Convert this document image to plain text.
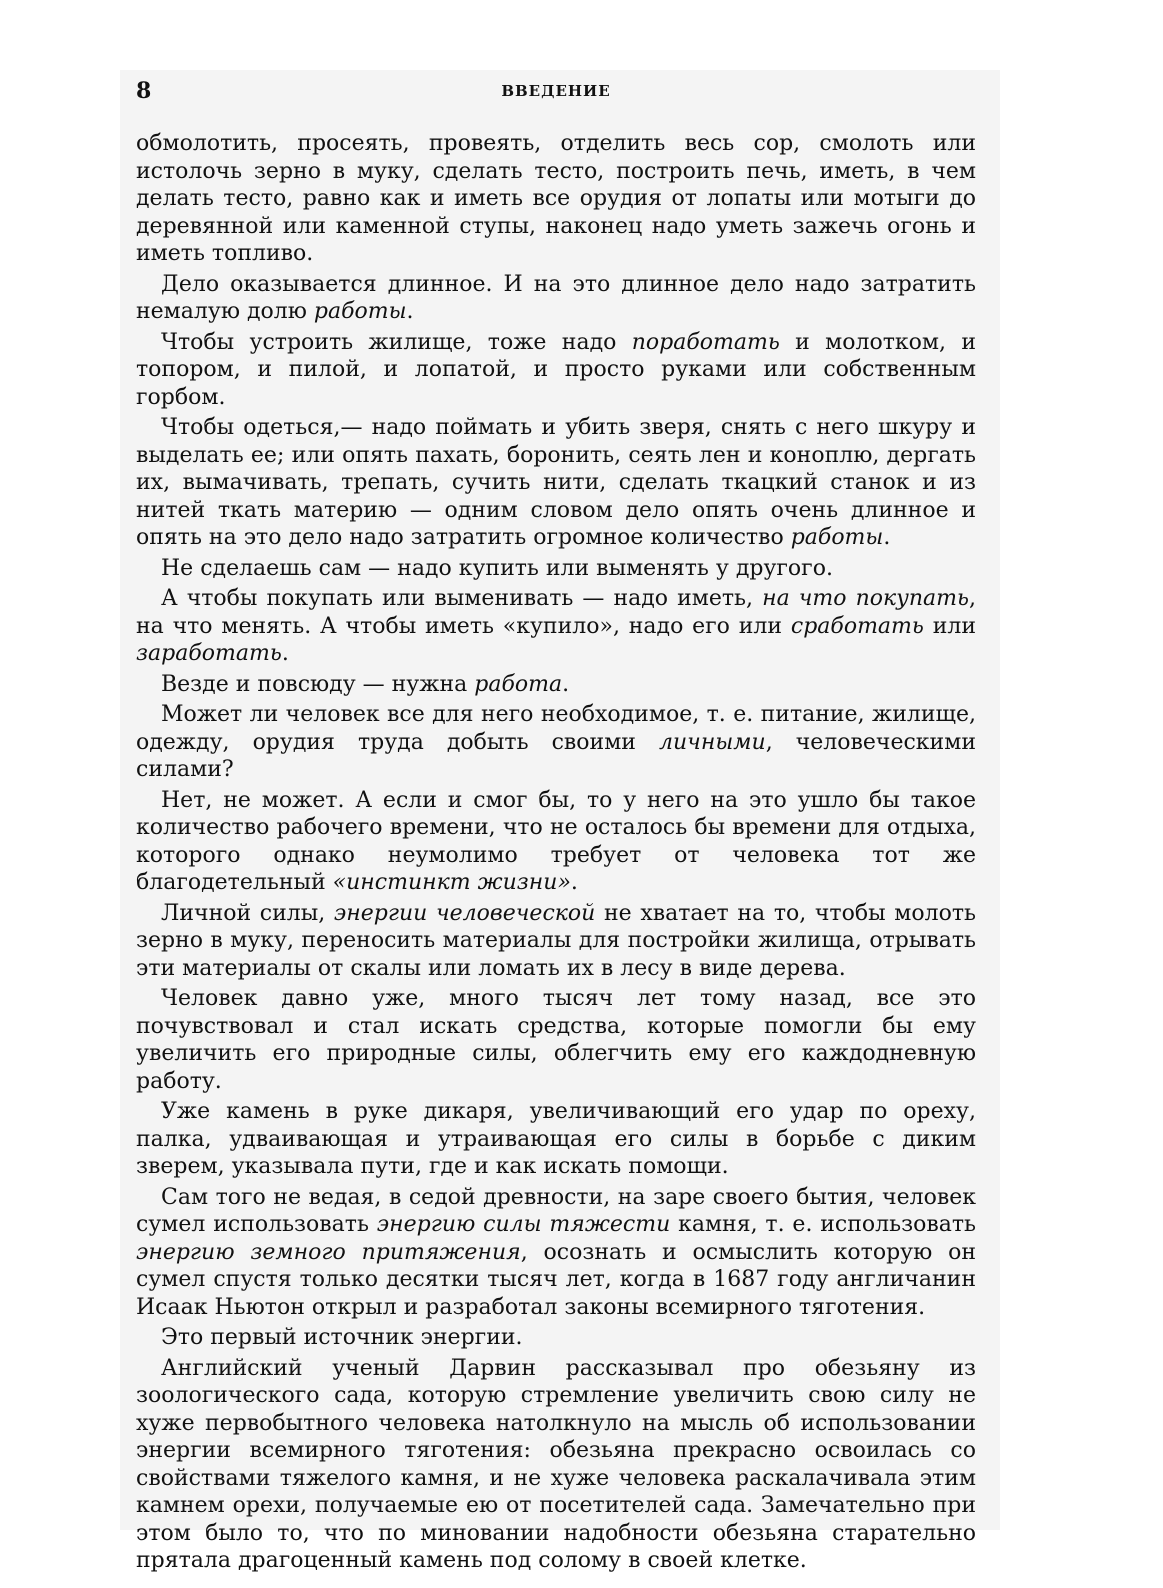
8	ВВЕДЕНИЕ

обмолотить, просеять, провеять, отделить весь сор, смолоть или истолочь зерно в муку, сделать тесто, построить печь, иметь, в чем делать тесто, равно как и иметь все орудия от лопаты или мотыги до деревянной или каменной ступы, наконец надо уметь зажечь огонь и иметь топливо.

Дело оказывается длинное. И на это длинное дело надо затратить немалую долю работы.

Чтобы устроить жилище, тоже надо поработать и молотком, и топором, и пилой, и лопатой, и просто руками или собственным горбом.

Чтобы одеться,— надо поймать и убить зверя, снять с него шкуру и выделать ее; или опять пахать, боронить, сеять лен и коноплю, дергать их, вымачивать, трепать, сучить нити, сделать ткацкий станок и из нитей ткать материю — одним словом дело опять очень длинное и опять на это дело надо затратить огромное количество работы.

Не сделаешь сам — надо купить или выменять у другого.

А чтобы покупать или выменивать — надо иметь, на что покупать, на что менять. А чтобы иметь «купило», надо его или сработать или заработать.

Везде и повсюду — нужна работа.

Может ли человек все для него необходимое, т. е. питание, жилище, одежду, орудия труда добыть своими личными, человеческими силами?

Нет, не может. А если и смог бы, то у него на это ушло бы такое количество рабочего времени, что не осталось бы времени для отдыха, которого однако неумолимо требует от человека тот же благодетельный «инстинкт жизни».

Личной силы, энергии человеческой не хватает на то, чтобы молоть зерно в муку, переносить материалы для постройки жилища, отрывать эти материалы от скалы или ломать их в лесу в виде дерева.

Человек давно уже, много тысяч лет тому назад, все это почувствовал и стал искать средства, которые помогли бы ему увеличить его природные силы, облегчить ему его каждодневную работу.

Уже камень в руке дикаря, увеличивающий его удар по ореху, палка, удваивающая и утраивающая его силы в борьбе с диким зверем, указывала пути, где и как искать помощи.

Сам того не ведая, в седой древности, на заре своего бытия, человек сумел использовать энергию силы тяжести камня, т. е. использовать энергию земного притяжения, осознать и осмыслить которую он сумел спустя только десятки тысяч лет, когда в 1687 году англичанин Исаак Ньютон открыл и разработал законы всемирного тяготения.

Это первый источник энергии.

Английский ученый Дарвин рассказывал про обезьяну из зоологического сада, которую стремление увеличить свою силу не хуже первобытного человека натолкнуло на мысль об использовании энергии всемирного тяготения: обезьяна прекрасно освоилась со свойствами тяжелого камня, и не хуже человека раскалачивала этим камнем орехи, получаемые ею от посетителей сада. Замечательно при этом было то, что по миновании надобности обезьяна старательно прятала драгоценный камень под солому в своей клетке.
